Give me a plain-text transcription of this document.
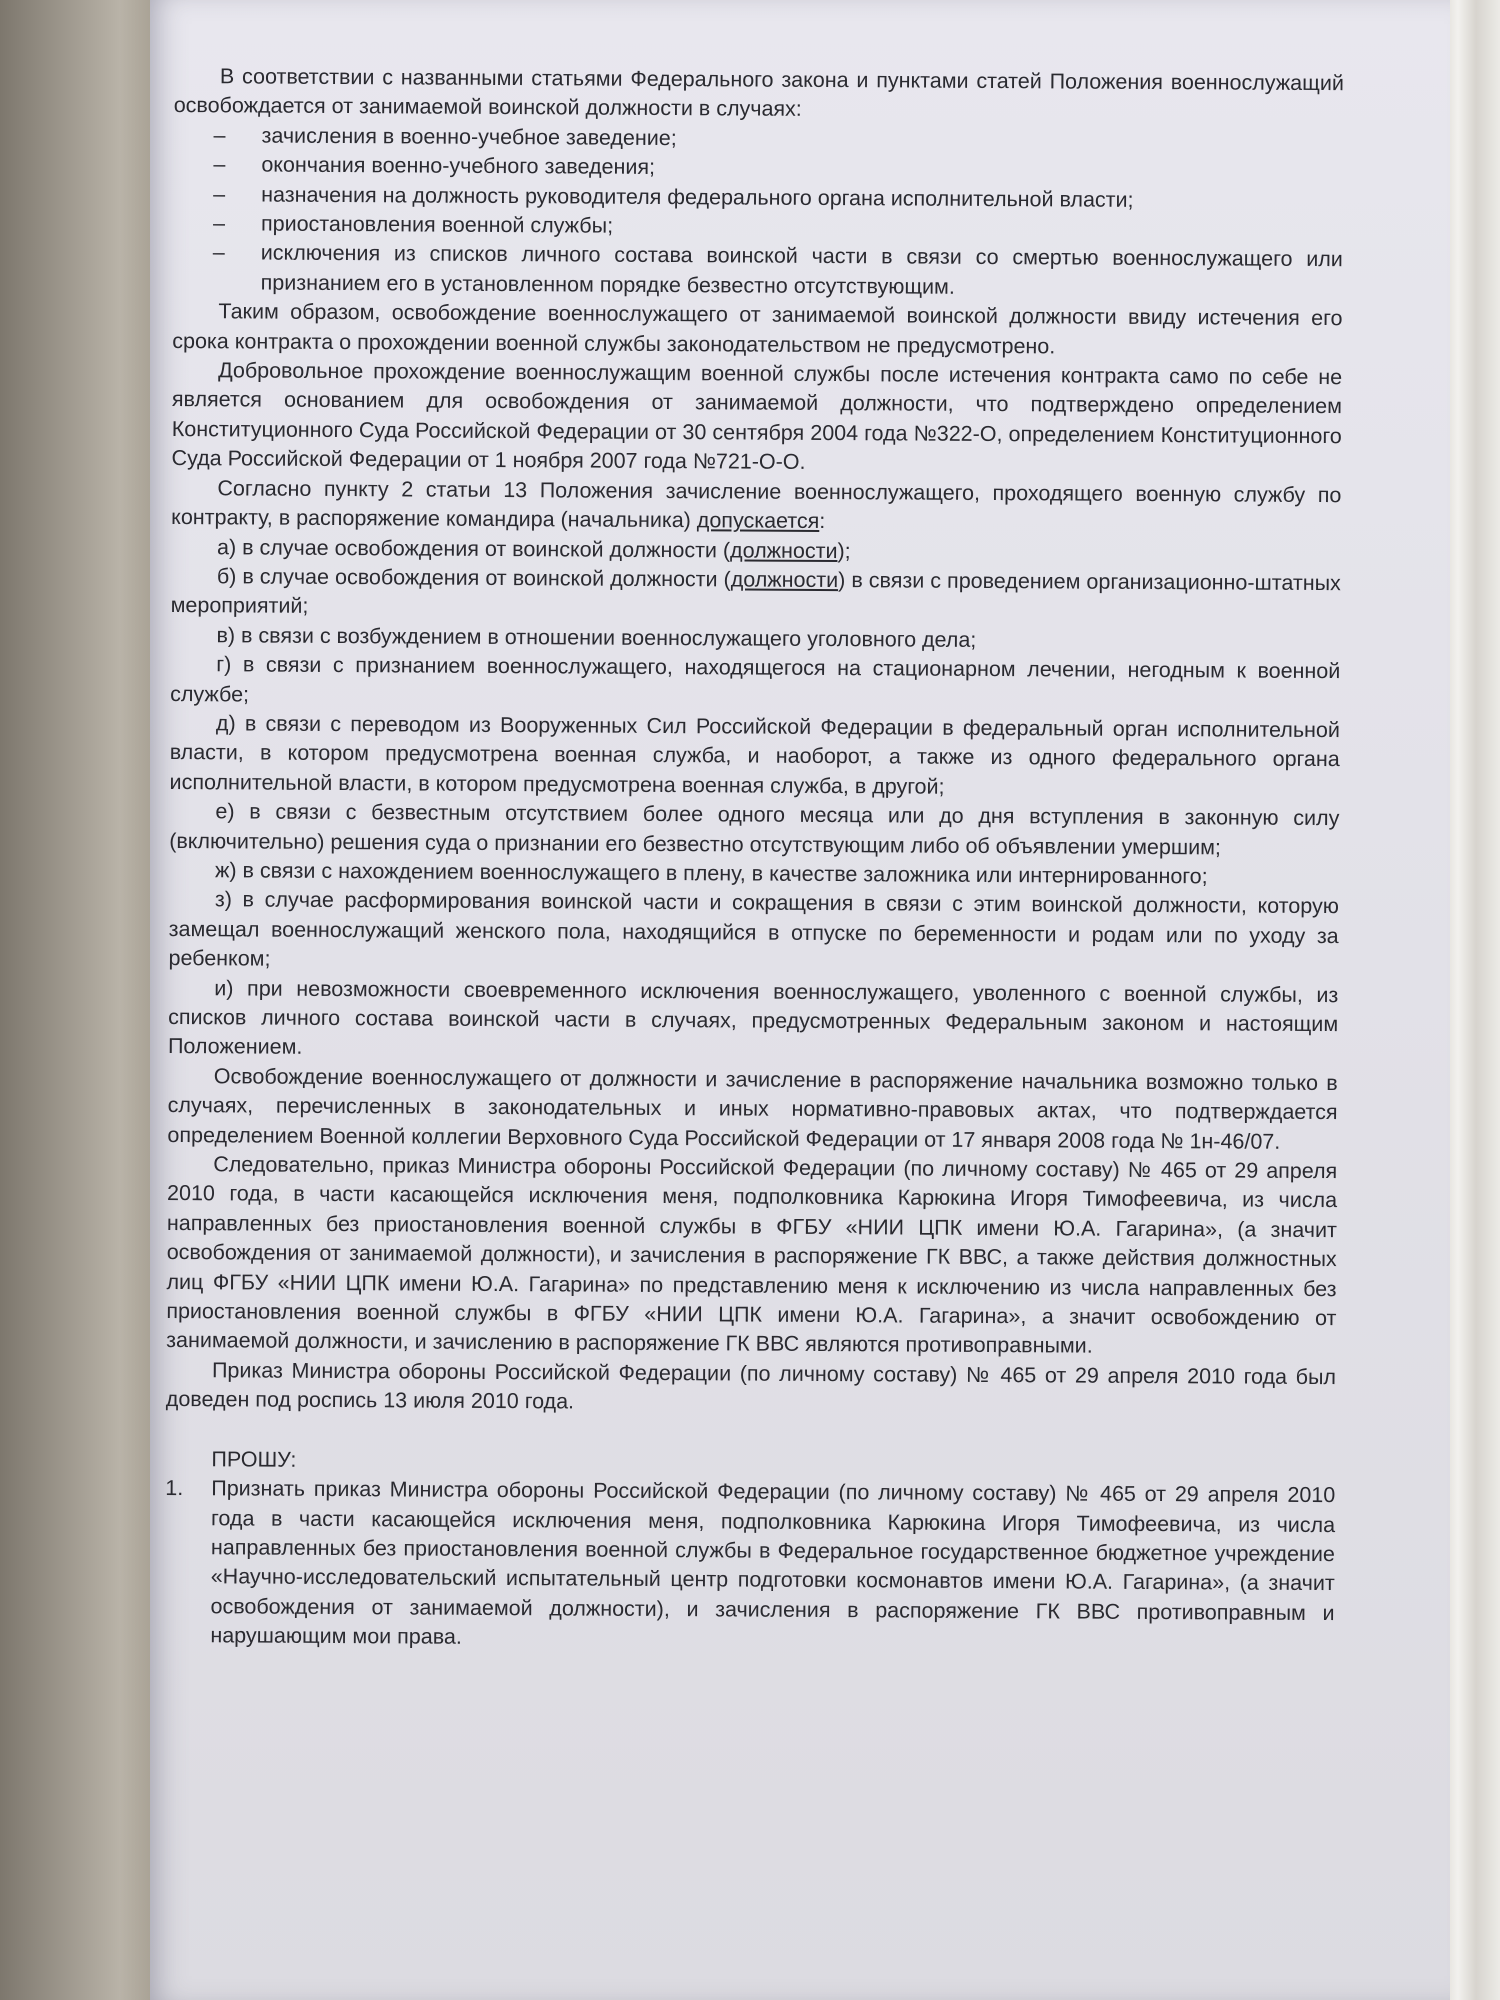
В соответствии с названными статьями Федерального закона и пунктами статей Положения военнослужащий освобождается от занимаемой воинской должности в случаях:

–	зачисления в военно-учебное заведение;
–	окончания военно-учебного заведения;
–	назначения на должность руководителя федерального органа исполнительной власти;
–	приостановления военной службы;
–	исключения из списков личного состава воинской части в связи со смертью военнослужащего или признанием его в установленном порядке безвестно отсутствующим.

Таким образом, освобождение военнослужащего от занимаемой воинской должности ввиду истечения его срока контракта о прохождении военной службы законодательством не предусмотрено.

Добровольное прохождение военнослужащим военной службы после истечения контракта само по себе не является основанием для освобождения от занимаемой должности, что подтверждено определением Конституционного Суда Российской Федерации от 30 сентября 2004 года №322-О, определением Конституционного Суда Российской Федерации от 1 ноября 2007 года №721-О-О.

Согласно пункту 2 статьи 13 Положения зачисление военнослужащего, проходящего военную службу по контракту, в распоряжение командира (начальника) допускается:

а) в случае освобождения от воинской должности (должности);

б) в случае освобождения от воинской должности (должности) в связи с проведением организационно-штатных мероприятий;

в) в связи с возбуждением в отношении военнослужащего уголовного дела;

г) в связи с признанием военнослужащего, находящегося на стационарном лечении, негодным к военной службе;

д) в связи с переводом из Вооруженных Сил Российской Федерации в федеральный орган исполнительной власти, в котором предусмотрена военная служба, и наоборот, а также из одного федерального органа исполнительной власти, в котором предусмотрена военная служба, в другой;

е) в связи с безвестным отсутствием более одного месяца или до дня вступления в законную силу (включительно) решения суда о признании его безвестно отсутствующим либо об объявлении умершим;

ж) в связи с нахождением военнослужащего в плену, в качестве заложника или интернированного;

з) в случае расформирования воинской части и сокращения в связи с этим воинской должности, которую замещал военнослужащий женского пола, находящийся в отпуске по беременности и родам или по уходу за ребенком;

и) при невозможности своевременного исключения военнослужащего, уволенного с военной службы, из списков личного состава воинской части в случаях, предусмотренных Федеральным законом и настоящим Положением.

Освобождение военнослужащего от должности и зачисление в распоряжение начальника возможно только в случаях, перечисленных в законодательных и иных нормативно-правовых актах, что подтверждается определением Военной коллегии Верховного Суда Российской Федерации от 17 января 2008 года № 1н-46/07.

Следовательно, приказ Министра обороны Российской Федерации (по личному составу) № 465 от 29 апреля 2010 года, в части касающейся исключения меня, подполковника Карюкина Игоря Тимофеевича, из числа направленных без приостановления военной службы в ФГБУ «НИИ ЦПК имени Ю.А. Гагарина», (а значит освобождения от занимаемой должности), и зачисления в распоряжение ГК ВВС, а также действия должностных лиц ФГБУ «НИИ ЦПК имени Ю.А. Гагарина» по представлению меня к исключению из числа направленных без приостановления военной службы в ФГБУ «НИИ ЦПК имени Ю.А. Гагарина», а значит освобождению от занимаемой должности, и зачислению в распоряжение ГК ВВС являются противоправными.

Приказ Министра обороны Российской Федерации (по личному составу) № 465 от 29 апреля 2010 года был доведен под роспись 13 июля 2010 года.

ПРОШУ:

1.	Признать приказ Министра обороны Российской Федерации (по личному составу) № 465 от 29 апреля 2010 года в части касающейся исключения меня, подполковника Карюкина Игоря Тимофеевича, из числа направленных без приостановления военной службы в Федеральное государственное бюджетное учреждение «Научно-исследовательский испытательный центр подготовки космонавтов имени Ю.А. Гагарина», (а значит освобождения от занимаемой должности), и зачисления в распоряжение ГК ВВС противоправным и нарушающим мои права.
